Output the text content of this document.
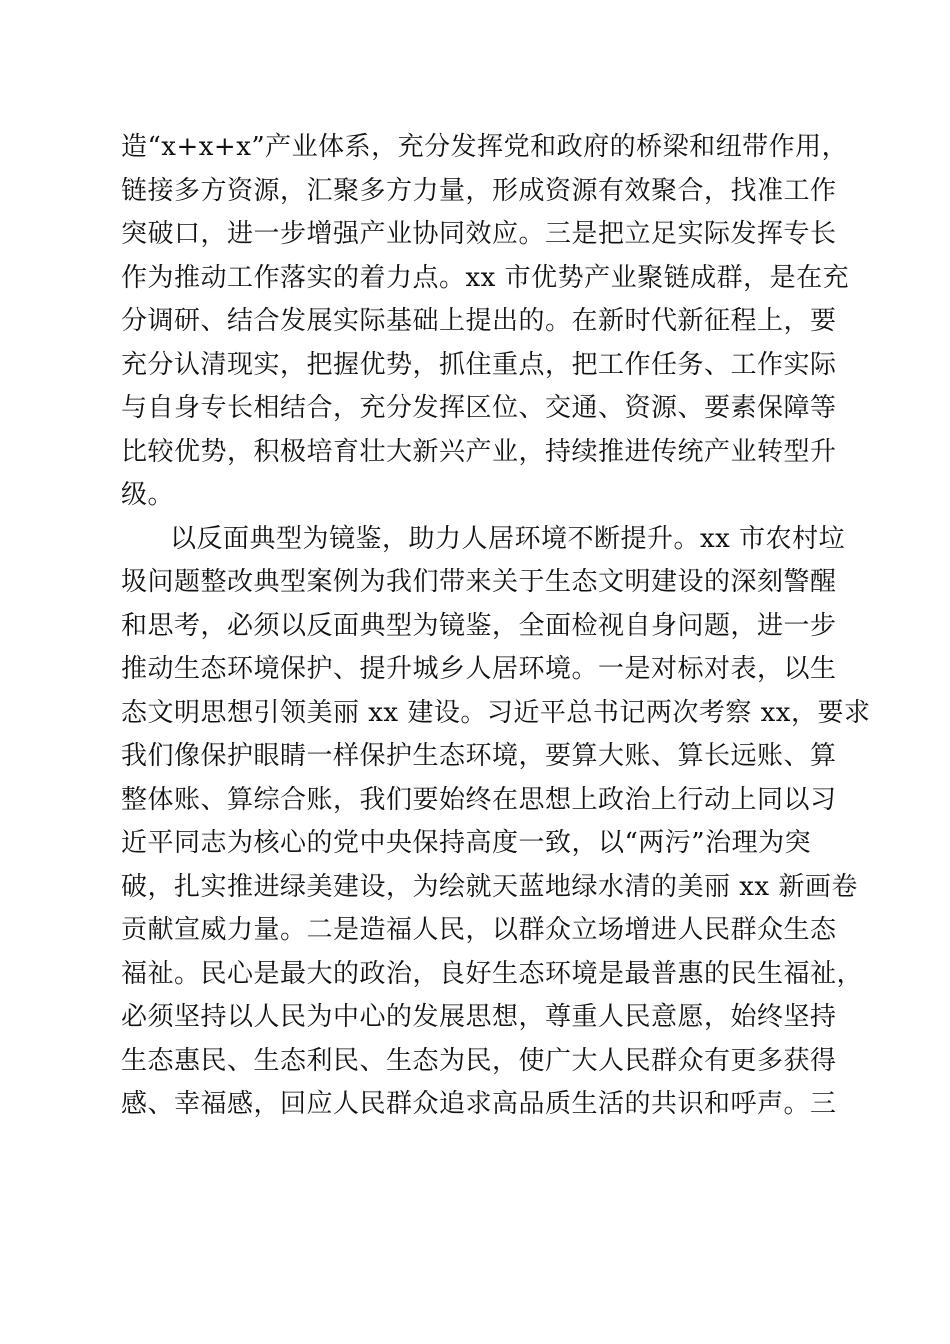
造“x+x+x”产业体系，充分发挥党和政府的桥梁和纽带作用，
链接多方资源，汇聚多方力量，形成资源有效聚合，找准工作
突破口，进一步增强产业协同效应。三是把立足实际发挥专长
作为推动工作落实的着力点。xx 市优势产业聚链成群，是在充
分调研、结合发展实际基础上提出的。在新时代新征程上，要
充分认清现实，把握优势，抓住重点，把工作任务、工作实际
与自身专长相结合，充分发挥区位、交通、资源、要素保障等
比较优势，积极培育壮大新兴产业，持续推进传统产业转型升
级。
以反面典型为镜鉴，助力人居环境不断提升。xx 市农村垃
圾问题整改典型案例为我们带来关于生态文明建设的深刻警醒
和思考，必须以反面典型为镜鉴，全面检视自身问题，进一步
推动生态环境保护、提升城乡人居环境。一是对标对表，以生
态文明思想引领美丽 xx 建设。习近平总书记两次考察 xx，要求
我们像保护眼睛一样保护生态环境，要算大账、算长远账、算
整体账、算综合账，我们要始终在思想上政治上行动上同以习
近平同志为核心的党中央保持高度一致，以“两污”治理为突
破，扎实推进绿美建设，为绘就天蓝地绿水清的美丽 xx 新画卷
贡献宣威力量。二是造福人民，以群众立场增进人民群众生态
福祉。民心是最大的政治，良好生态环境是最普惠的民生福祉，
必须坚持以人民为中心的发展思想，尊重人民意愿，始终坚持
生态惠民、生态利民、生态为民，使广大人民群众有更多获得
感、幸福感，回应人民群众追求高品质生活的共识和呼声。三
